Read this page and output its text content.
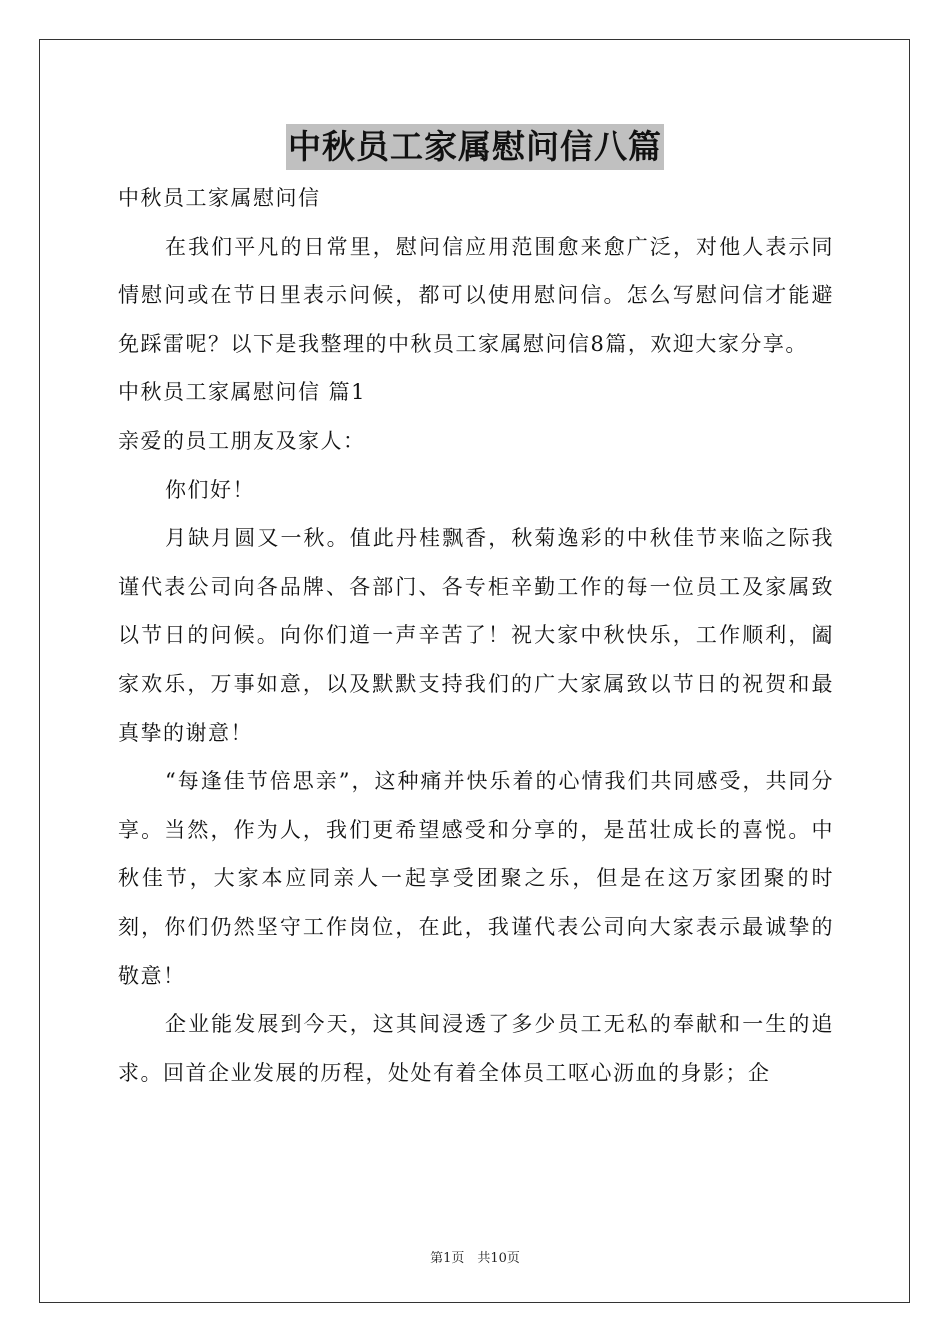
中秋员工家属慰问信八篇

中秋员工家属慰问信

在我们平凡的日常里，慰问信应用范围愈来愈广泛，对他人表示同情慰问或在节日里表示问候，都可以使用慰问信。怎么写慰问信才能避免踩雷呢？以下是我整理的中秋员工家属慰问信8篇，欢迎大家分享。

中秋员工家属慰问信 篇1

亲爱的员工朋友及家人：

你们好！

月缺月圆又一秋。值此丹桂飘香，秋菊逸彩的中秋佳节来临之际我谨代表公司向各品牌、各部门、各专柜辛勤工作的每一位员工及家属致以节日的问候。向你们道一声辛苦了！祝大家中秋快乐，工作顺利，阖家欢乐，万事如意，以及默默支持我们的广大家属致以节日的祝贺和最真挚的谢意！

“每逢佳节倍思亲”，这种痛并快乐着的心情我们共同感受，共同分享。当然，作为人，我们更希望感受和分享的，是茁壮成长的喜悦。中秋佳节，大家本应同亲人一起享受团聚之乐，但是在这万家团聚的时刻，你们仍然坚守工作岗位，在此，我谨代表公司向大家表示最诚挚的敬意！

企业能发展到今天，这其间浸透了多少员工无私的奉献和一生的追求。回首企业发展的历程，处处有着全体员工呕心沥血的身影；企

第1页　共10页
